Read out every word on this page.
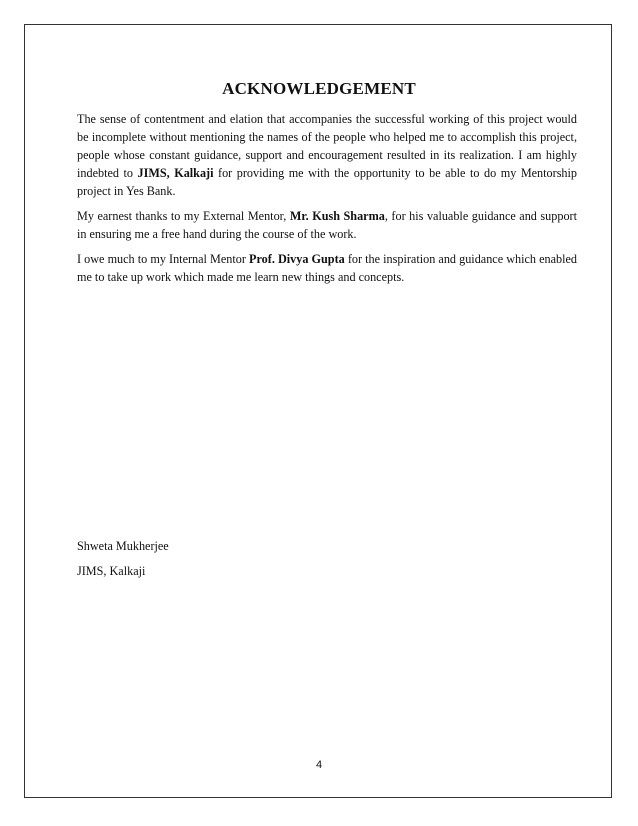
ACKNOWLEDGEMENT

The sense of contentment and elation that accompanies the successful working of this project would be incomplete without mentioning the names of the people who helped me to accomplish this project, people whose constant guidance, support and encouragement resulted in its realization. I am highly indebted to JIMS, Kalkaji for providing me with the opportunity to be able to do my Mentorship project in Yes Bank.

My earnest thanks to my External Mentor, Mr. Kush Sharma, for his valuable guidance and support in ensuring me a free hand during the course of the work.

I owe much to my Internal Mentor Prof. Divya Gupta for the inspiration and guidance which enabled me to take up work which made me learn new things and concepts.

Shweta Mukherjee
JIMS, Kalkaji
4
